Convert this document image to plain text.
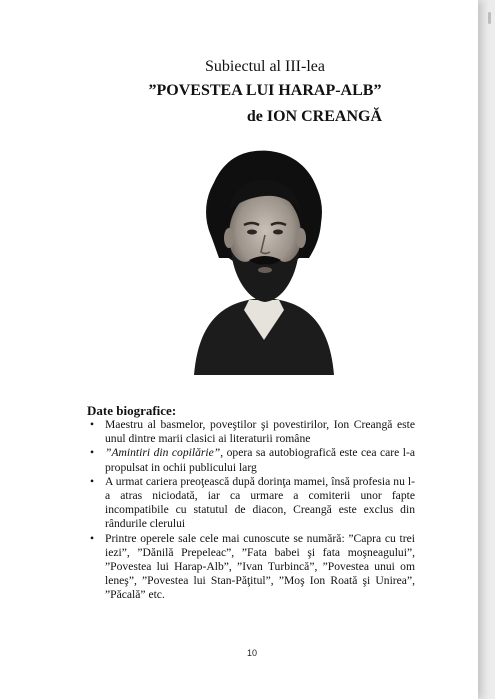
Subiectul al III-lea
”POVESTEA LUI HARAP-ALB”
de ION CREANGĂ
Date biografice:
• Maestru al basmelor, poveştilor şi povestirilor, Ion Creangă este unul dintre marii clasici ai literaturii române
• ”Amintiri din copilărie”, opera sa autobiografică este cea care l-a propulsat in ochii publicului larg
• A urmat cariera preoţească după dorinţa mamei, însă profesia nu l-a atras niciodată, iar ca urmare a comiterii unor fapte incompatibile cu statutul de diacon, Creangă este exclus din rândurile clerului
• Printre operele sale cele mai cunoscute se numără: ”Capra cu trei iezi”, ”Dănilă Prepeleac”, ”Fata babei şi fata moşneagului”, ”Povestea lui Harap-Alb”, ”Ivan Turbincă”, ”Povestea unui om leneş”, ”Povestea lui Stan-Păţitul”, ”Moş Ion Roată şi Unirea”, ”Păcală” etc.
10
